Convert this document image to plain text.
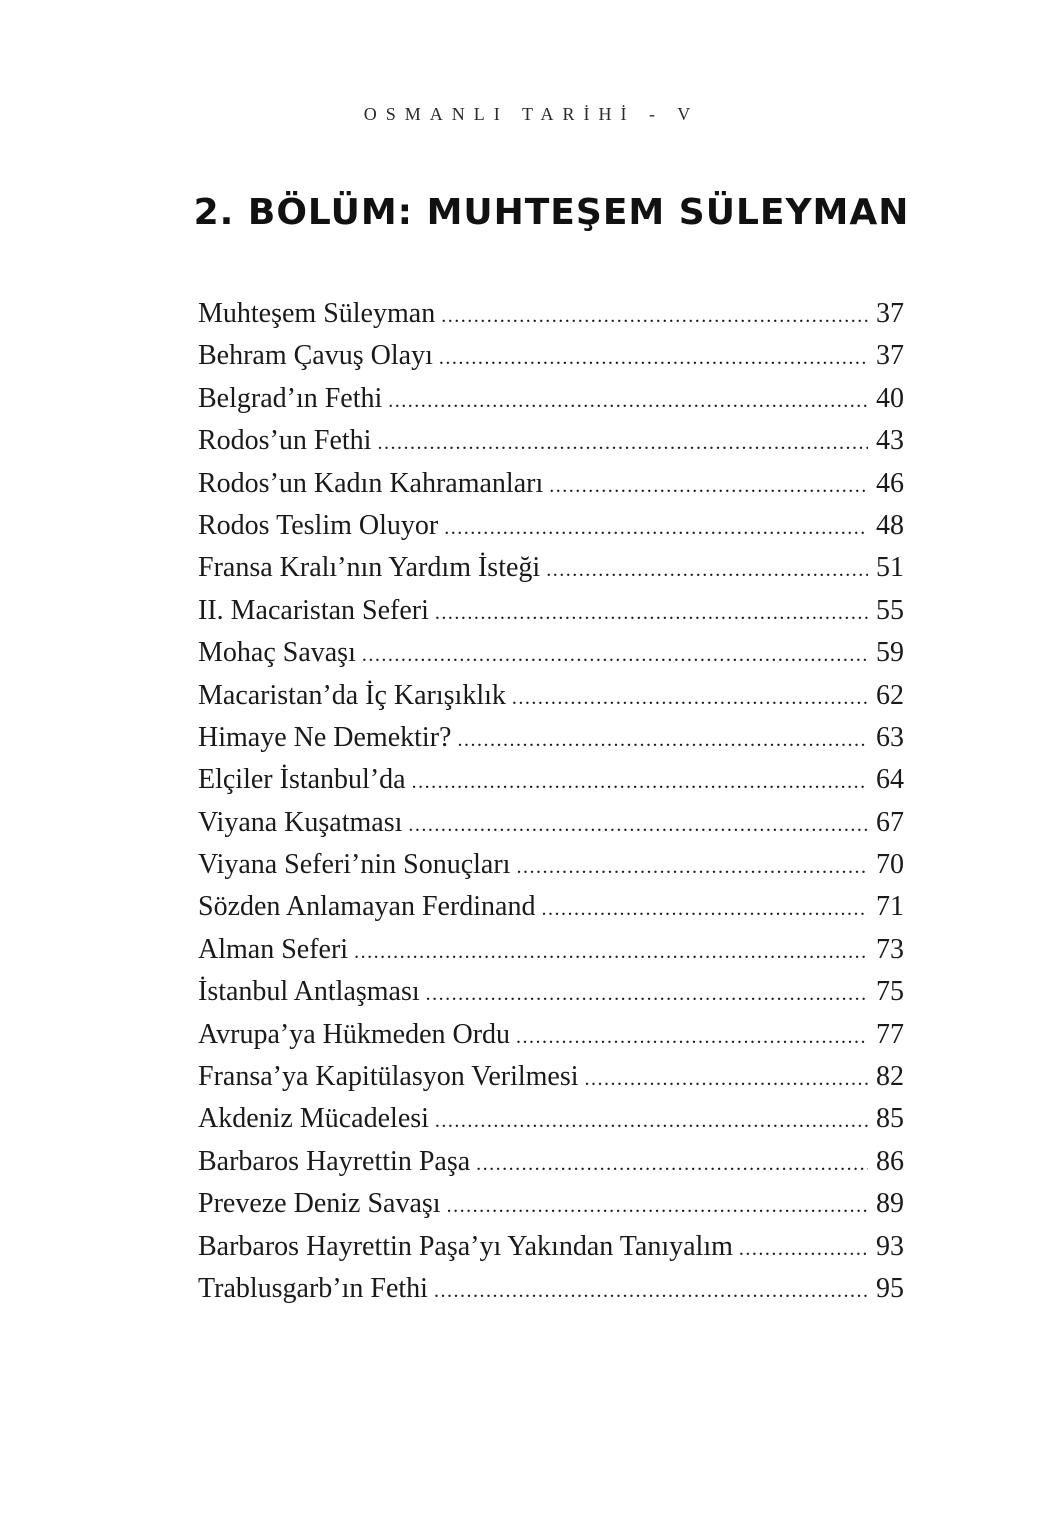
OSMANLI TARİHİ - V
2. BÖLÜM: MUHTEŞEM SÜLEYMAN
Muhteşem Süleyman .....	37
Behram Çavuş Olayı .....	37
Belgrad’ın Fethi .....	40
Rodos’un Fethi .....	43
Rodos’un Kadın Kahramanları .....	46
Rodos Teslim Oluyor .....	48
Fransa Kralı’nın Yardım İsteği .....	51
II. Macaristan Seferi .....	55
Mohaç Savaşı .....	59
Macaristan’da İç Karışıklık .....	62
Himaye Ne Demektir? .....	63
Elçiler İstanbul’da .....	64
Viyana Kuşatması .....	67
Viyana Seferi’nin Sonuçları .....	70
Sözden Anlamayan Ferdinand .....	71
Alman Seferi .....	73
İstanbul Antlaşması .....	75
Avrupa’ya Hükmeden Ordu .....	77
Fransa’ya Kapitülasyon Verilmesi .....	82
Akdeniz Mücadelesi .....	85
Barbaros Hayrettin Paşa .....	86
Preveze Deniz Savaşı .....	89
Barbaros Hayrettin Paşa’yı Yakından Tanıyalım .....	93
Trablusgarb’ın Fethi .....	95
